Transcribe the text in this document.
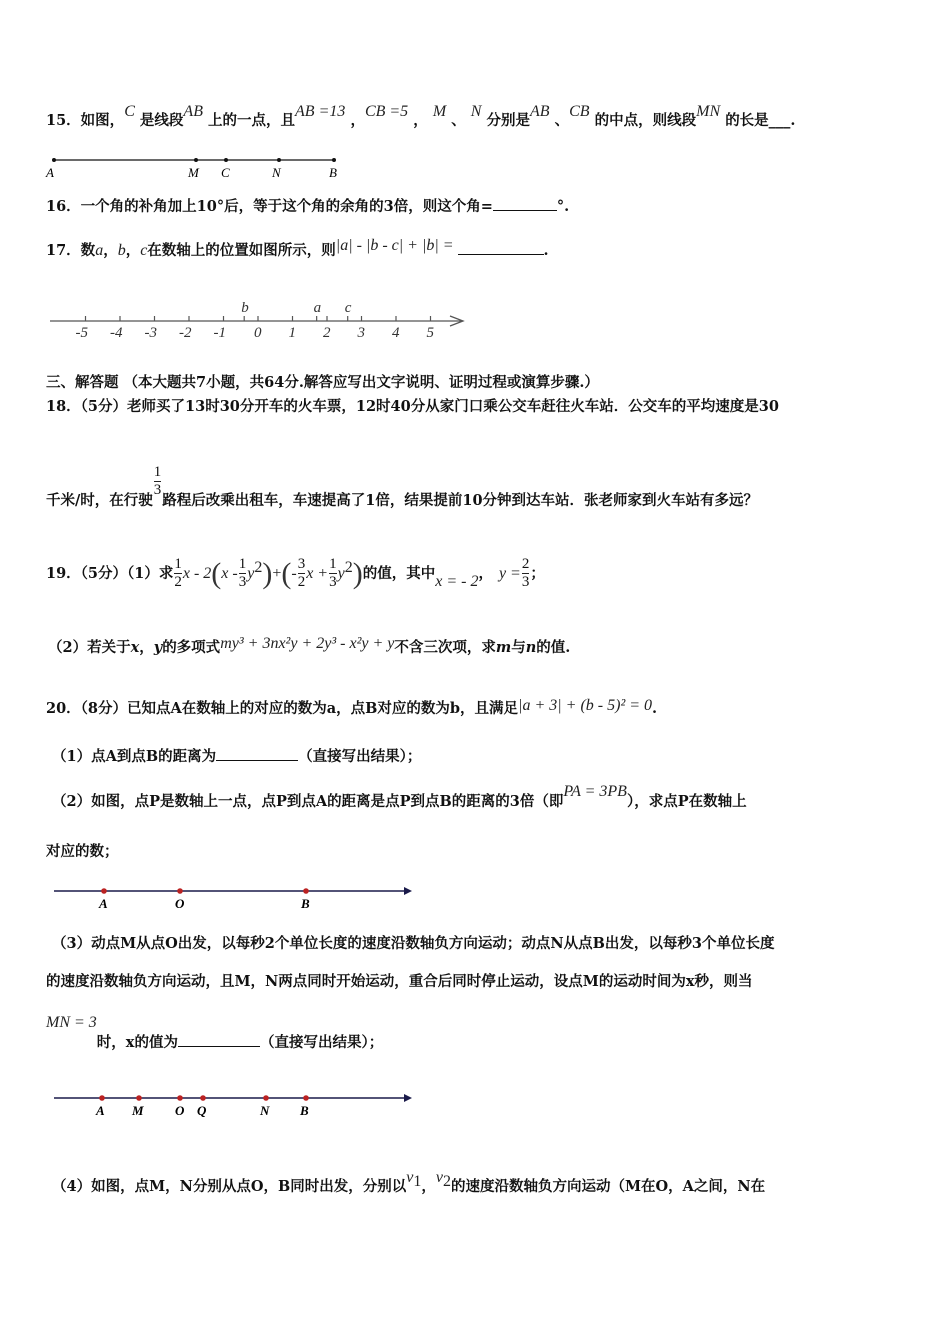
15．如图，C 是线段AB 上的一点，且AB =13 ，CB =5 ， M 、 N 分别是AB 、CB 的中点，则线段MN 的长是___.
A	M C	N	B
16．一个角的补角加上10°后，等于这个角的余角的3倍，则这个角=	°.
17．数a，b，c在数轴上的位置如图所示，则|a| - |b - c| + |b| =	.
-5 -4 -3 -2 -1 0 1 2 3 4 5
b	a c
三、解答题 （本大题共7小题，共64分.解答应写出文字说明、证明过程或演算步骤.）
18．（5分）老师买了13时30分开车的火车票，12时40分从家门口乘公交车赶往火车站．公交车的平均速度是30
千米/时，在行驶
$\frac{1}{3}$
路程后改乘出租车，车速提高了1倍，结果提前10分钟到达车站．张老师家到火车站有多远？
19．（5分）（1）求 $\frac{1}{2}$ $x - 2(x - \frac{1}{3} y^2)+(- \frac{3}{2}$ $x + \frac{1}{3} y^2$)的值，其中x = - 2， $y = \frac{2}{3}$ ；
（2）若关于x，y的多项式my³ + 3nx²y + 2y³ - x²y + y不含三次项，求m与n的值.
20．（8分）已知点A在数轴上的对应的数为a，点B对应的数为b，且满足|a + 3| + (b - 5)² = 0.
（1）点A到点B的距离为	（直接写出结果）；
（2）如图，点P是数轴上一点，点P到点A的距离是点P到点B的距离的3倍（即PA = 3PB），求点P在数轴上
对应的数；
A	O	B
（3）动点M从点O出发，以每秒2个单位长度的速度沿数轴负方向运动；动点N从点B出发，以每秒3个单位长度
的速度沿数轴负方向运动，且M，N两点同时开始运动，重合后同时停止运动，设点M的运动时间为x秒，则当
MN = 3时，x的值为	（直接写出结果）；
A M O Q	N B
（4）如图，点M，N分别从点O，B同时出发，分别以$v_1$，$v_2$的速度沿数轴负方向运动（M在O，A之间，N在
